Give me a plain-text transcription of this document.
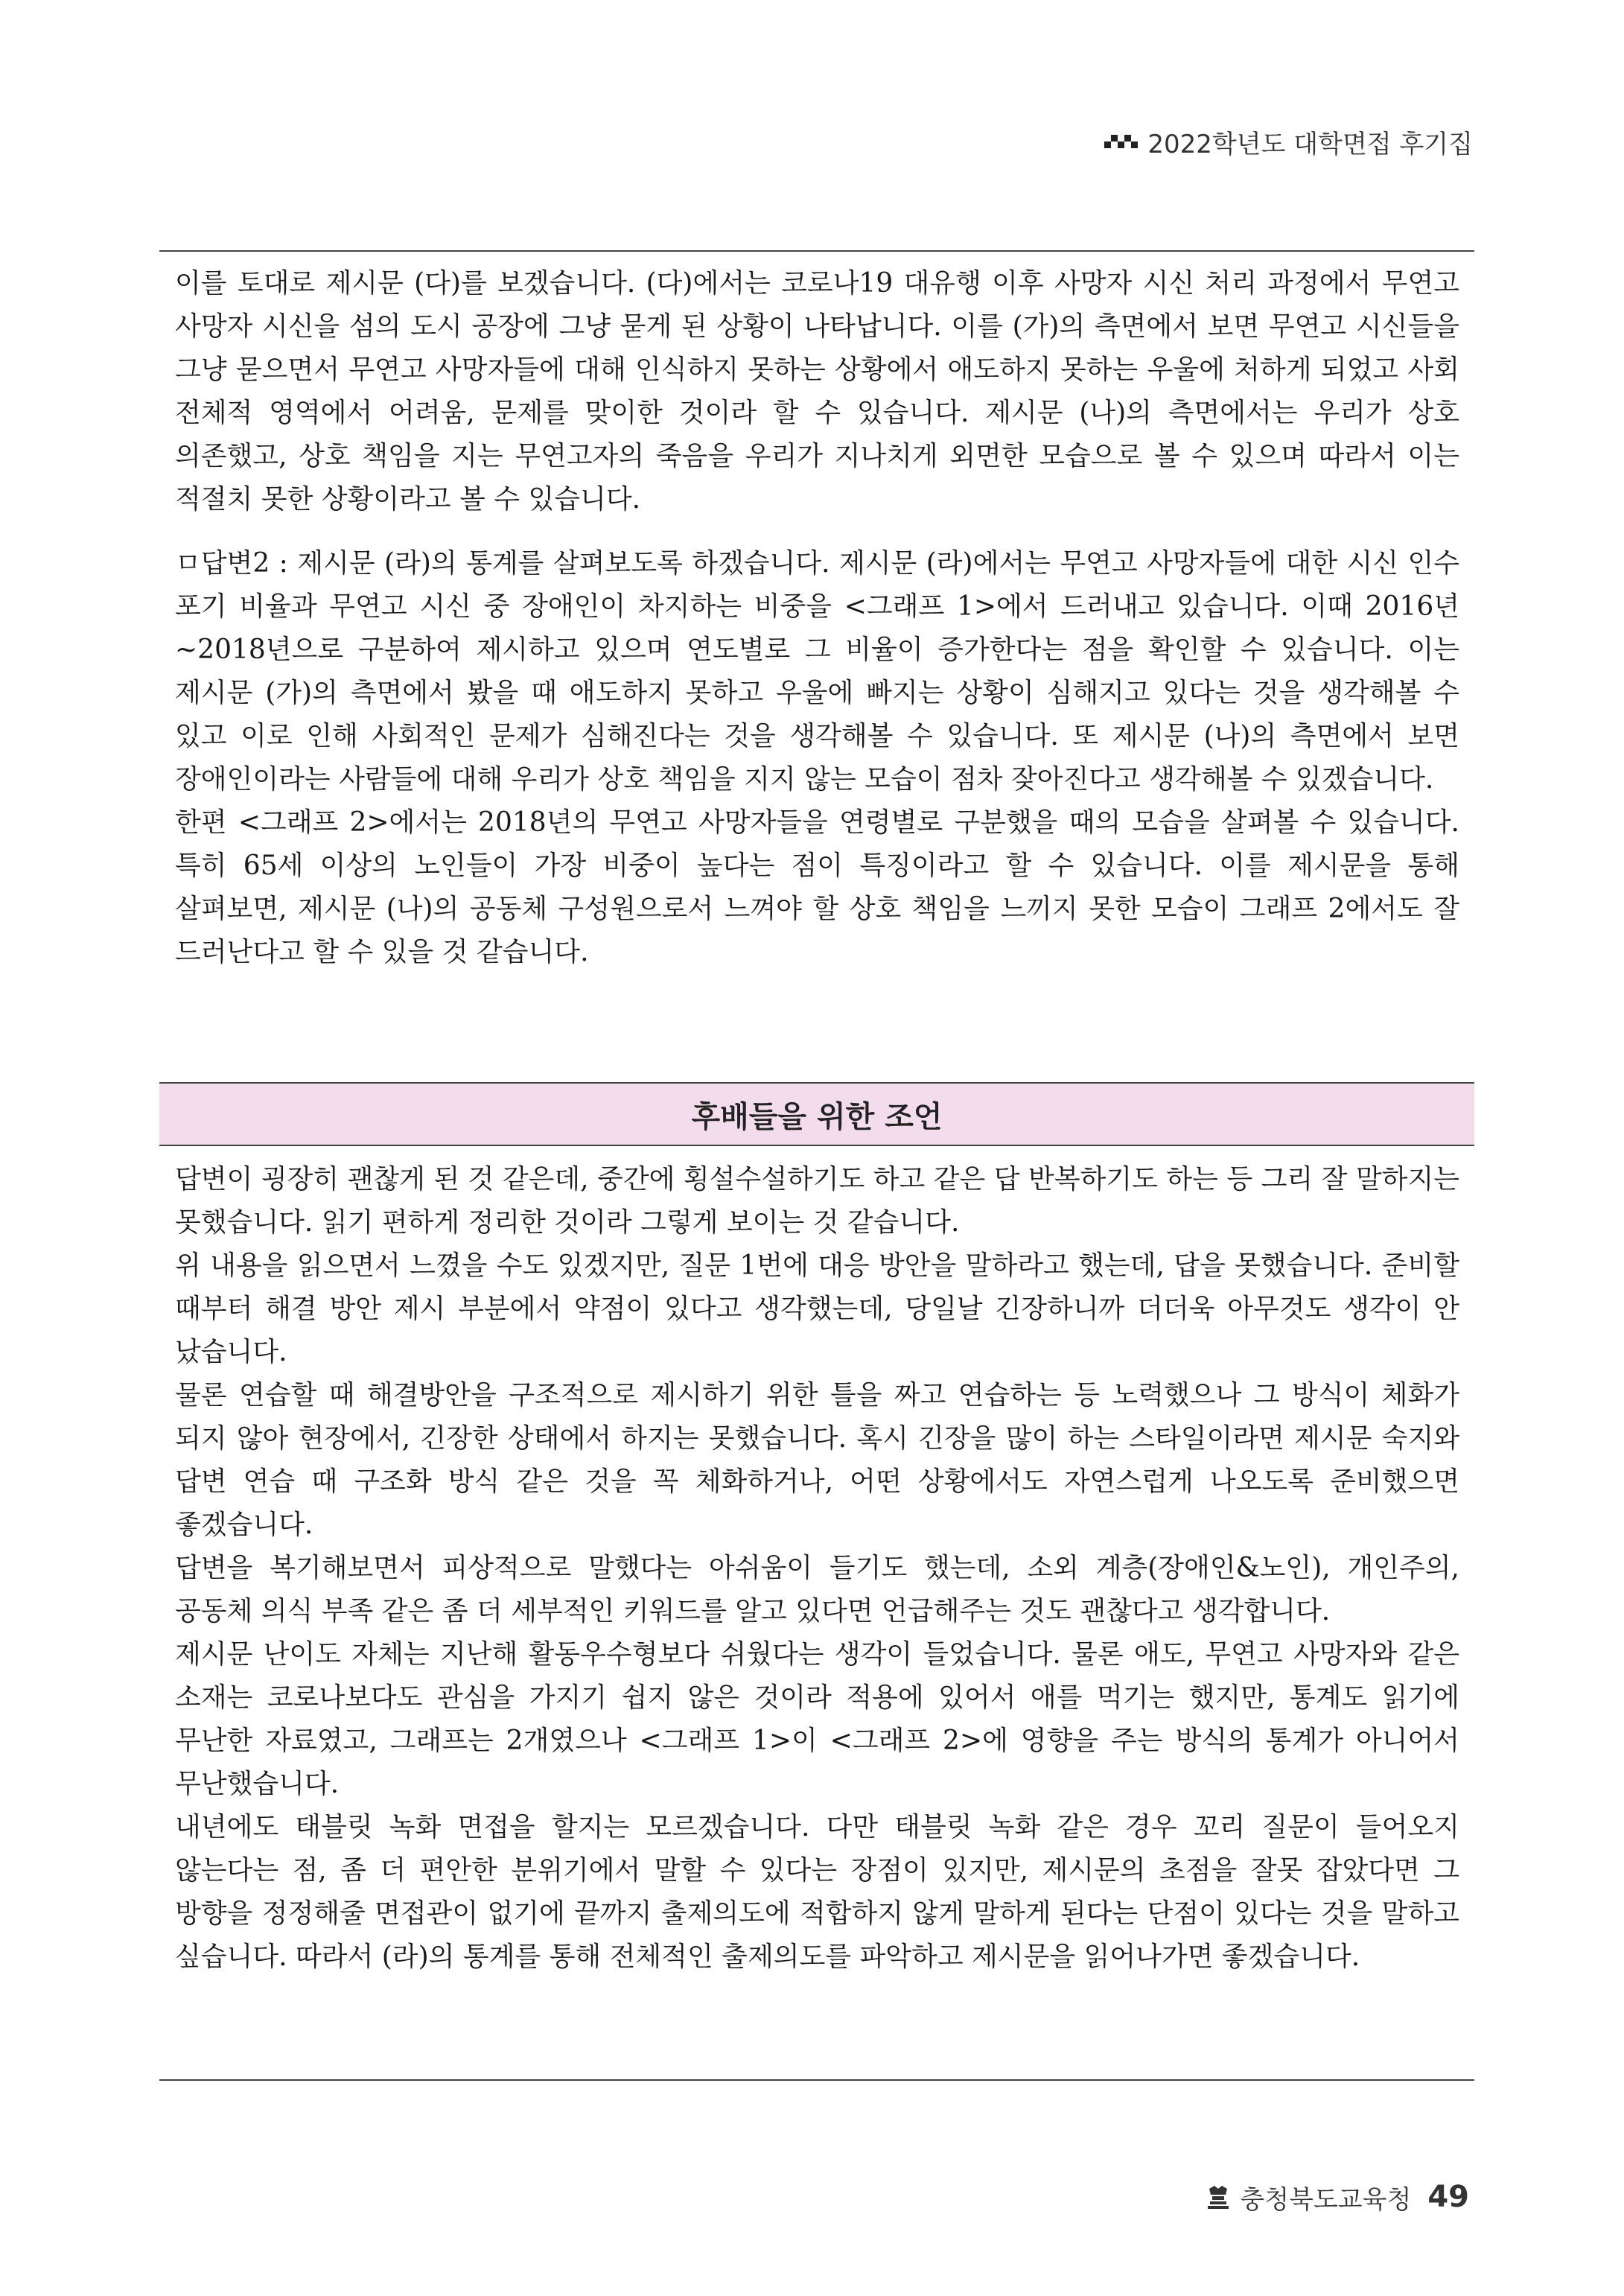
2022학년도 대학면접 후기집

이를 토대로 제시문 (다)를 보겠습니다. (다)에서는 코로나19 대유행 이후 사망자 시신 처리 과정에서 무연고 사망자 시신을 섬의 도시 공장에 그냥 묻게 된 상황이 나타납니다. 이를 (가)의 측면에서 보면 무연고 시신들을 그냥 묻으면서 무연고 사망자들에 대해 인식하지 못하는 상황에서 애도하지 못하는 우울에 처하게 되었고 사회 전체적 영역에서 어려움, 문제를 맞이한 것이라 할 수 있습니다. 제시문 (나)의 측면에서는 우리가 상호 의존했고, 상호 책임을 지는 무연고자의 죽음을 우리가 지나치게 외면한 모습으로 볼 수 있으며 따라서 이는 적절치 못한 상황이라고 볼 수 있습니다.

ㅁ답변2 : 제시문 (라)의 통계를 살펴보도록 하겠습니다. 제시문 (라)에서는 무연고 사망자들에 대한 시신 인수 포기 비율과 무연고 시신 중 장애인이 차지하는 비중을 <그래프 1>에서 드러내고 있습니다. 이때 2016년~2018년으로 구분하여 제시하고 있으며 연도별로 그 비율이 증가한다는 점을 확인할 수 있습니다. 이는 제시문 (가)의 측면에서 봤을 때 애도하지 못하고 우울에 빠지는 상황이 심해지고 있다는 것을 생각해볼 수 있고 이로 인해 사회적인 문제가 심해진다는 것을 생각해볼 수 있습니다. 또 제시문 (나)의 측면에서 보면 장애인이라는 사람들에 대해 우리가 상호 책임을 지지 않는 모습이 점차 잦아진다고 생각해볼 수 있겠습니다.

한편 <그래프 2>에서는 2018년의 무연고 사망자들을 연령별로 구분했을 때의 모습을 살펴볼 수 있습니다. 특히 65세 이상의 노인들이 가장 비중이 높다는 점이 특징이라고 할 수 있습니다. 이를 제시문을 통해 살펴보면, 제시문 (나)의 공동체 구성원으로서 느껴야 할 상호 책임을 느끼지 못한 모습이 그래프 2에서도 잘 드러난다고 할 수 있을 것 같습니다.

후배들을 위한 조언

답변이 굉장히 괜찮게 된 것 같은데, 중간에 횡설수설하기도 하고 같은 답 반복하기도 하는 등 그리 잘 말하지는 못했습니다. 읽기 편하게 정리한 것이라 그렇게 보이는 것 같습니다.

위 내용을 읽으면서 느꼈을 수도 있겠지만, 질문 1번에 대응 방안을 말하라고 했는데, 답을 못했습니다. 준비할 때부터 해결 방안 제시 부분에서 약점이 있다고 생각했는데, 당일날 긴장하니까 더더욱 아무것도 생각이 안 났습니다.

물론 연습할 때 해결방안을 구조적으로 제시하기 위한 틀을 짜고 연습하는 등 노력했으나 그 방식이 체화가 되지 않아 현장에서, 긴장한 상태에서 하지는 못했습니다. 혹시 긴장을 많이 하는 스타일이라면 제시문 숙지와 답변 연습 때 구조화 방식 같은 것을 꼭 체화하거나, 어떤 상황에서도 자연스럽게 나오도록 준비했으면 좋겠습니다.

답변을 복기해보면서 피상적으로 말했다는 아쉬움이 들기도 했는데, 소외 계층(장애인&노인), 개인주의, 공동체 의식 부족 같은 좀 더 세부적인 키워드를 알고 있다면 언급해주는 것도 괜찮다고 생각합니다.

제시문 난이도 자체는 지난해 활동우수형보다 쉬웠다는 생각이 들었습니다. 물론 애도, 무연고 사망자와 같은 소재는 코로나보다도 관심을 가지기 쉽지 않은 것이라 적용에 있어서 애를 먹기는 했지만, 통계도 읽기에 무난한 자료였고, 그래프는 2개였으나 <그래프 1>이 <그래프 2>에 영향을 주는 방식의 통계가 아니어서 무난했습니다.

내년에도 태블릿 녹화 면접을 할지는 모르겠습니다. 다만 태블릿 녹화 같은 경우 꼬리 질문이 들어오지 않는다는 점, 좀 더 편안한 분위기에서 말할 수 있다는 장점이 있지만, 제시문의 초점을 잘못 잡았다면 그 방향을 정정해줄 면접관이 없기에 끝까지 출제의도에 적합하지 않게 말하게 된다는 단점이 있다는 것을 말하고 싶습니다. 따라서 (라)의 통계를 통해 전체적인 출제의도를 파악하고 제시문을 읽어나가면 좋겠습니다.

충청북도교육청 49
